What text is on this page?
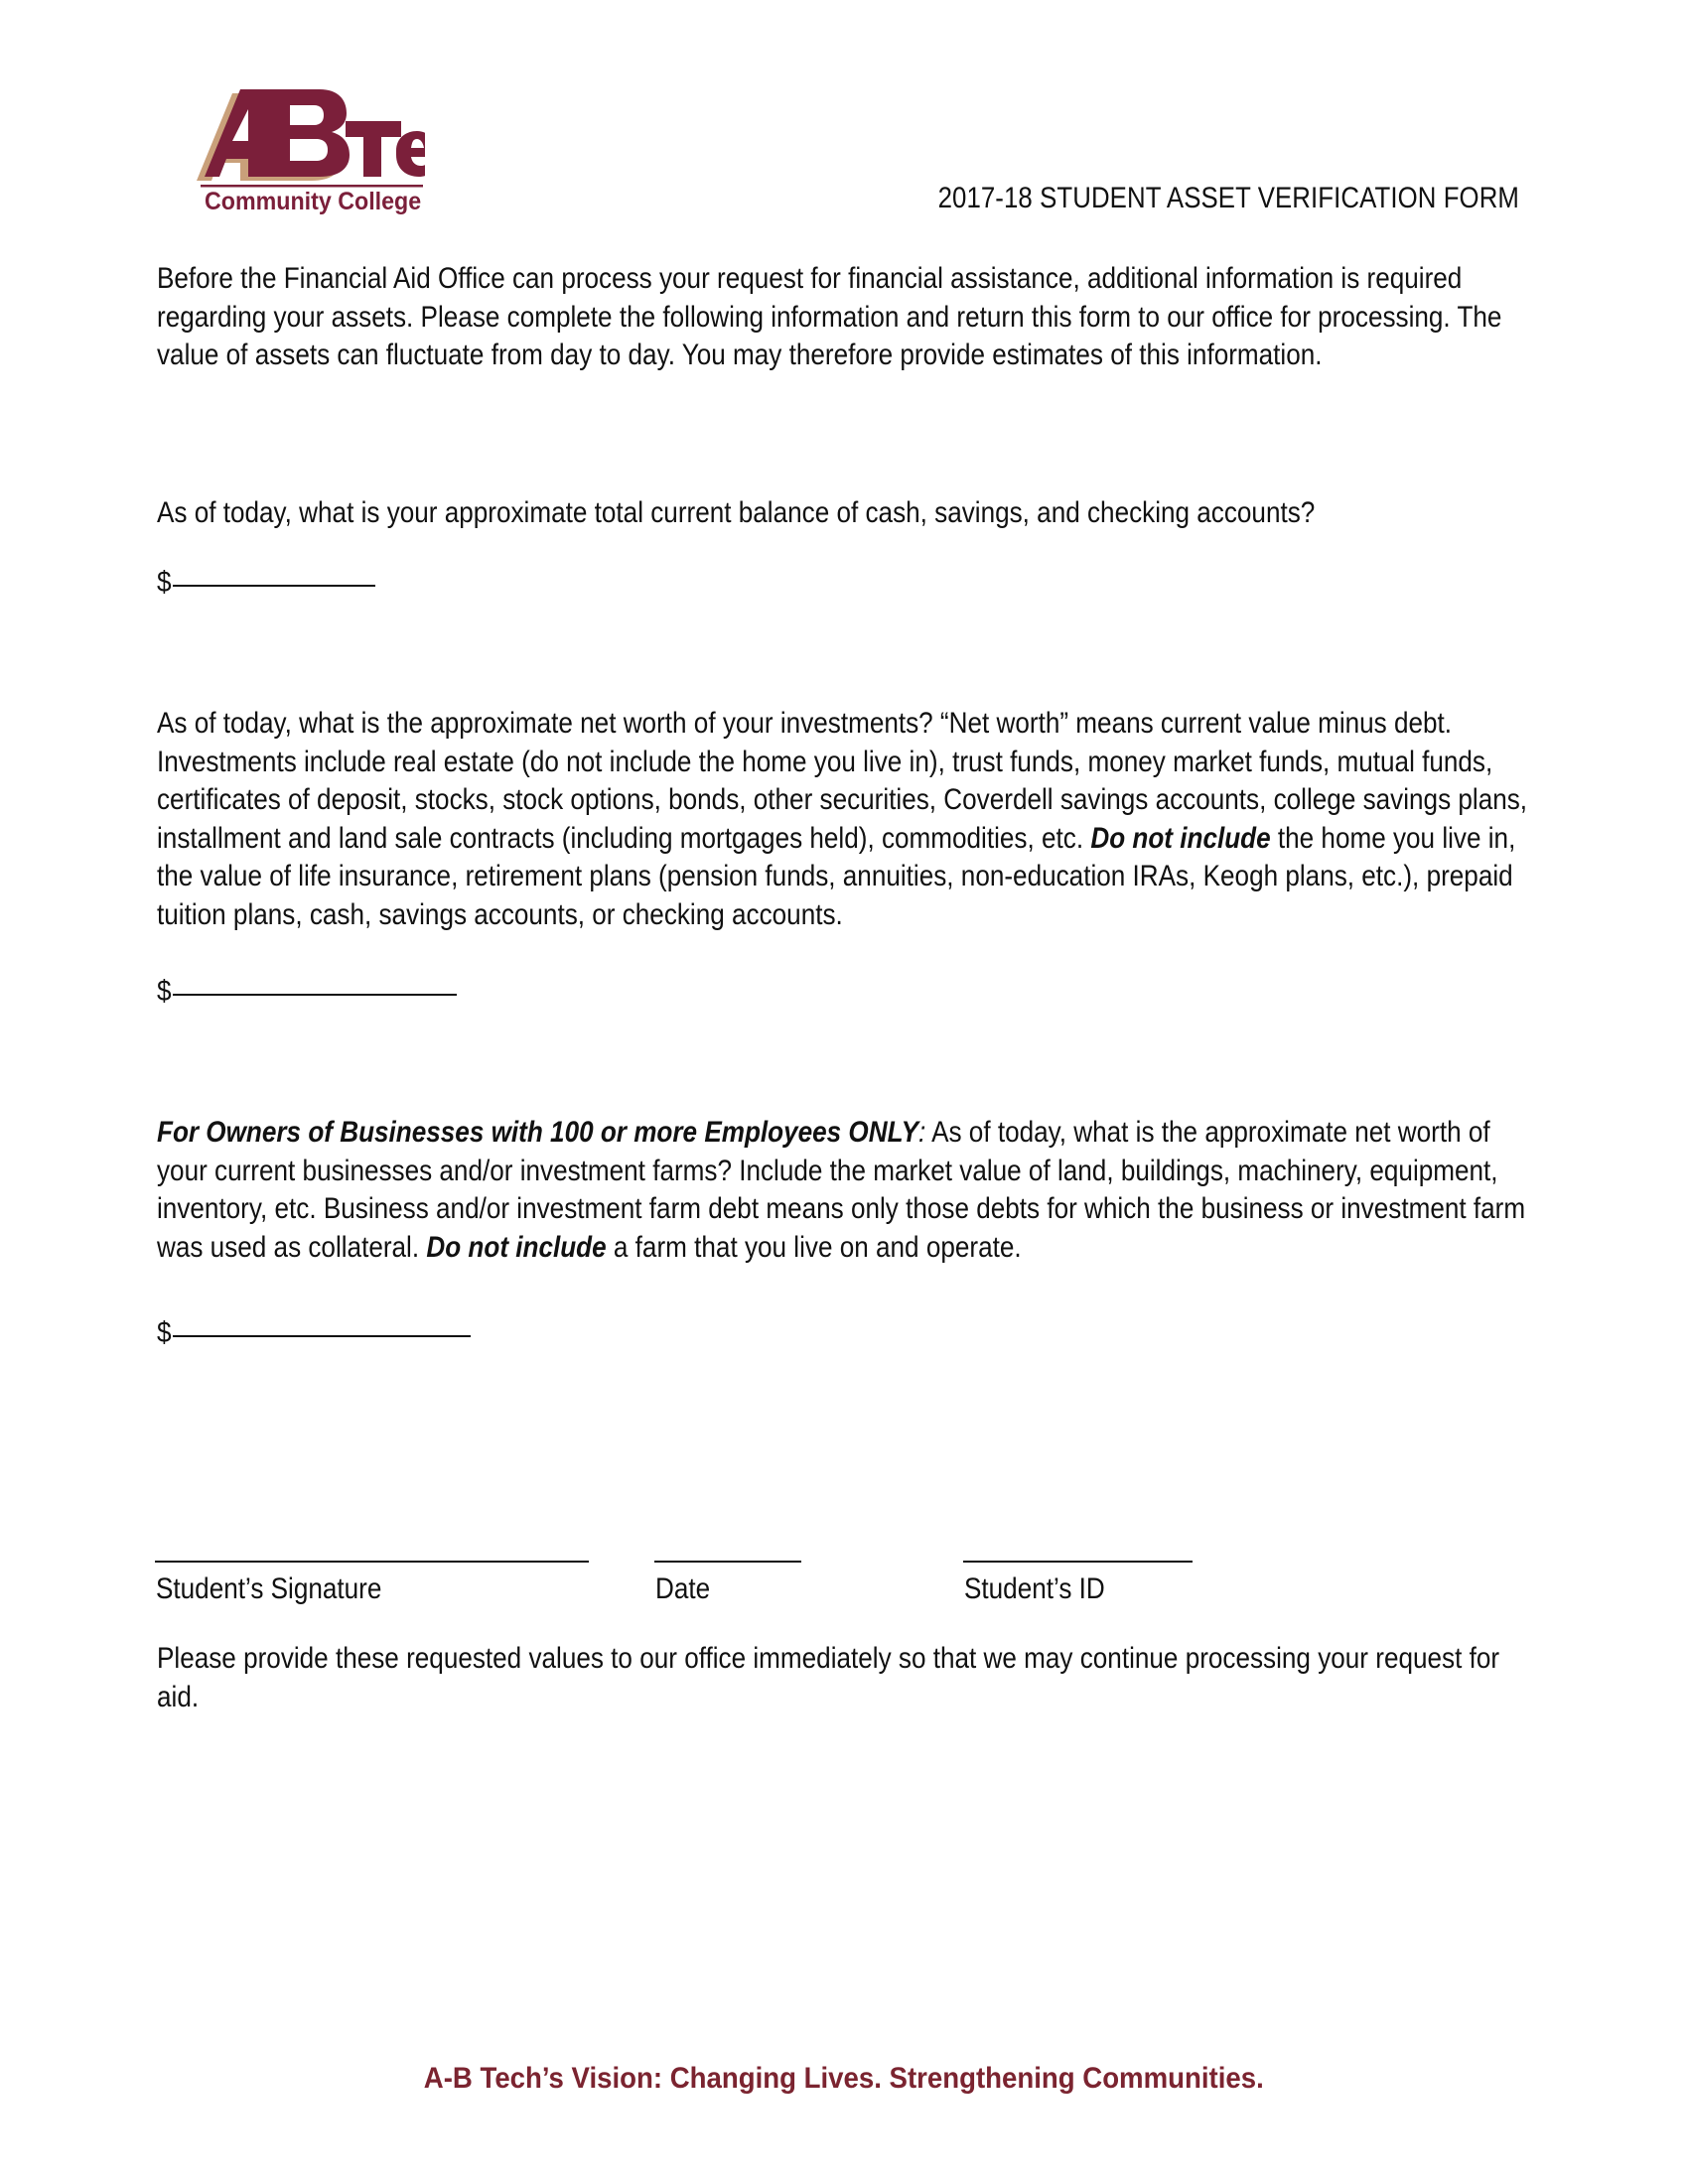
Community College	2017-18 STUDENT ASSET VERIFICATION FORM
Before the Financial Aid Office can process your request for financial assistance, additional information is required regarding your assets. Please complete the following information and return this form to our office for processing. The value of assets can fluctuate from day to day. You may therefore provide estimates of this information.
As of today, what is your approximate total current balance of cash, savings, and checking accounts?
$
As of today, what is the approximate net worth of your investments? “Net worth” means current value minus debt. Investments include real estate (do not include the home you live in), trust funds, money market funds, mutual funds, certificates of deposit, stocks, stock options, bonds, other securities, Coverdell savings accounts, college savings plans, installment and land sale contracts (including mortgages held), commodities, etc. Do not include the home you live in, the value of life insurance, retirement plans (pension funds, annuities, non-education IRAs, Keogh plans, etc.), prepaid tuition plans, cash, savings accounts, or checking accounts.
$
For Owners of Businesses with 100 or more Employees ONLY: As of today, what is the approximate net worth of your current businesses and/or investment farms? Include the market value of land, buildings, machinery, equipment, inventory, etc. Business and/or investment farm debt means only those debts for which the business or investment farm was used as collateral. Do not include a farm that you live on and operate.
$
Student’s Signature	Date	Student’s ID
Please provide these requested values to our office immediately so that we may continue processing your request for aid.
A-B Tech’s Vision: Changing Lives. Strengthening Communities.
